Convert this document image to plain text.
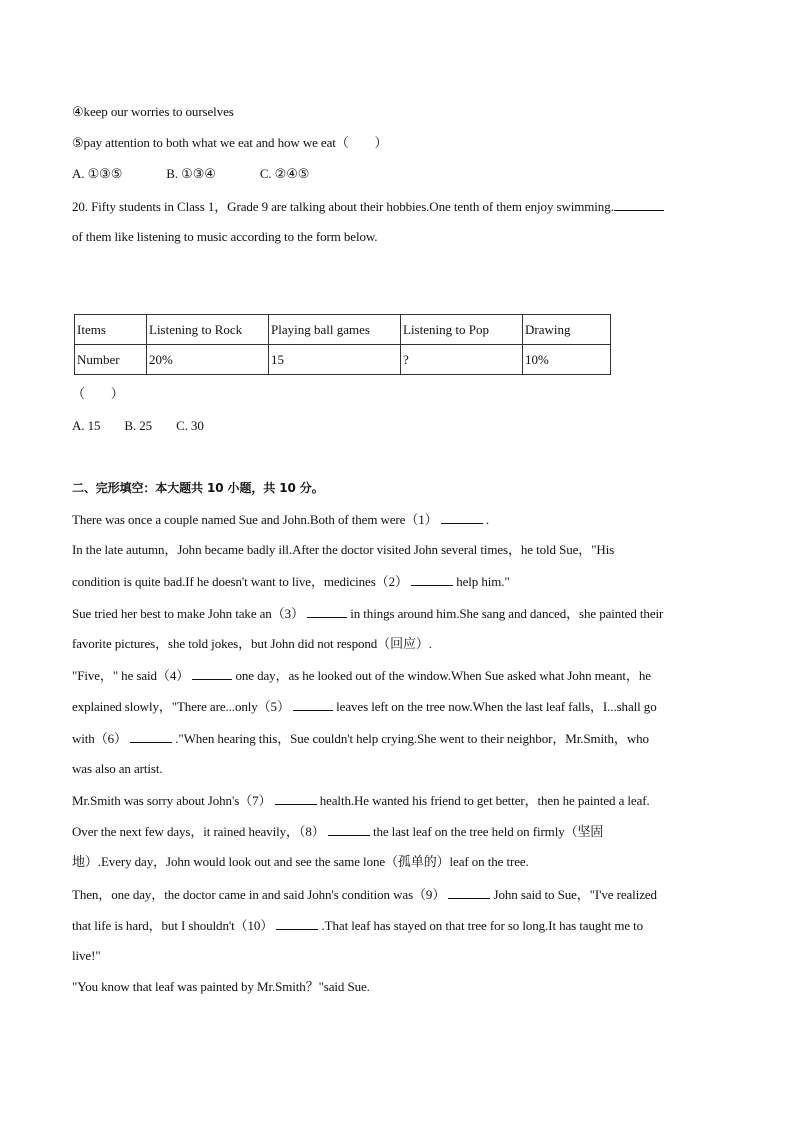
④keep our worries to ourselves
⑤pay attention to both what we eat and how we eat（　　）
A. ①③⑤	B. ①③④	C. ②④⑤
20. Fifty students in Class 1，Grade 9 are talking about their hobbies.One tenth of them enjoy swimming.
of them like listening to music according to the form below.
Items	Listening to Rock	Playing ball games	Listening to Pop	Drawing
Number	20%	15	?	10%
（　　）
A. 15 B. 25 C. 30
二、完形填空：本大题共 10 小题，共 10 分。
There was once a couple named Sue and John.Both of them were（1）	.
In the late autumn，John became badly ill.After the doctor visited John several times，he told Sue，"His
condition is quite bad.If he doesn't want to live，medicines（2）	help him."
Sue tried her best to make John take an（3）	in things around him.She sang and danced，she painted their
favorite pictures，she told jokes，but John did not respond（回应）.
"Five，" he said（4）	one day，as he looked out of the window.When Sue asked what John meant，he
explained slowly，"There are...only（5）	leaves left on the tree now.When the last leaf falls，I...shall go
with（6）	."When hearing this，Sue couldn't help crying.She went to their neighbor，Mr.Smith，who
was also an artist.
Mr.Smith was sorry about John's（7）	health.He wanted his friend to get better，then he painted a leaf.
Over the next few days，it rained heavily，（8）	the last leaf on the tree held on firmly（坚固
地）.Every day，John would look out and see the same lone（孤单的）leaf on the tree.
Then，one day，the doctor came in and said John's condition was（9）	John said to Sue，"I've realized
that life is hard，but I shouldn't（10）	.That leaf has stayed on that tree for so long.It has taught me to
live!"
"You know that leaf was painted by Mr.Smith？"said Sue.
